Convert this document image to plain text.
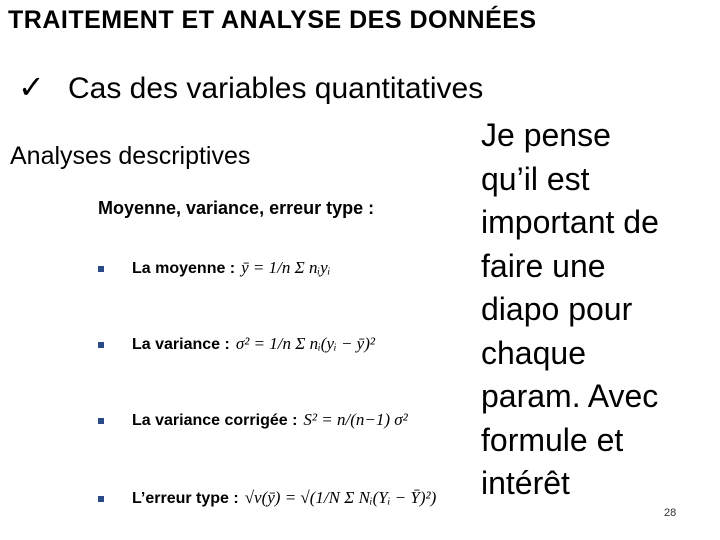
TRAITEMENT ET ANALYSE DES DONNÉES
✓ Cas des variables quantitatives
Analyses descriptives
Moyenne, variance, erreur type :
La moyenne : ȳ = 1/n Σ nᵢyᵢ
La variance : σ² = 1/n Σ nᵢ(yᵢ − ȳ)²
La variance corrigée : S² = n/(n−1) σ²
L’erreur type : √v(ȳ) = √(1/N Σ Nᵢ(Yᵢ − Ȳ)²)
Je pense
qu’il est
important de
faire une
diapo pour
chaque
param. Avec
formule et
intérêt
28
